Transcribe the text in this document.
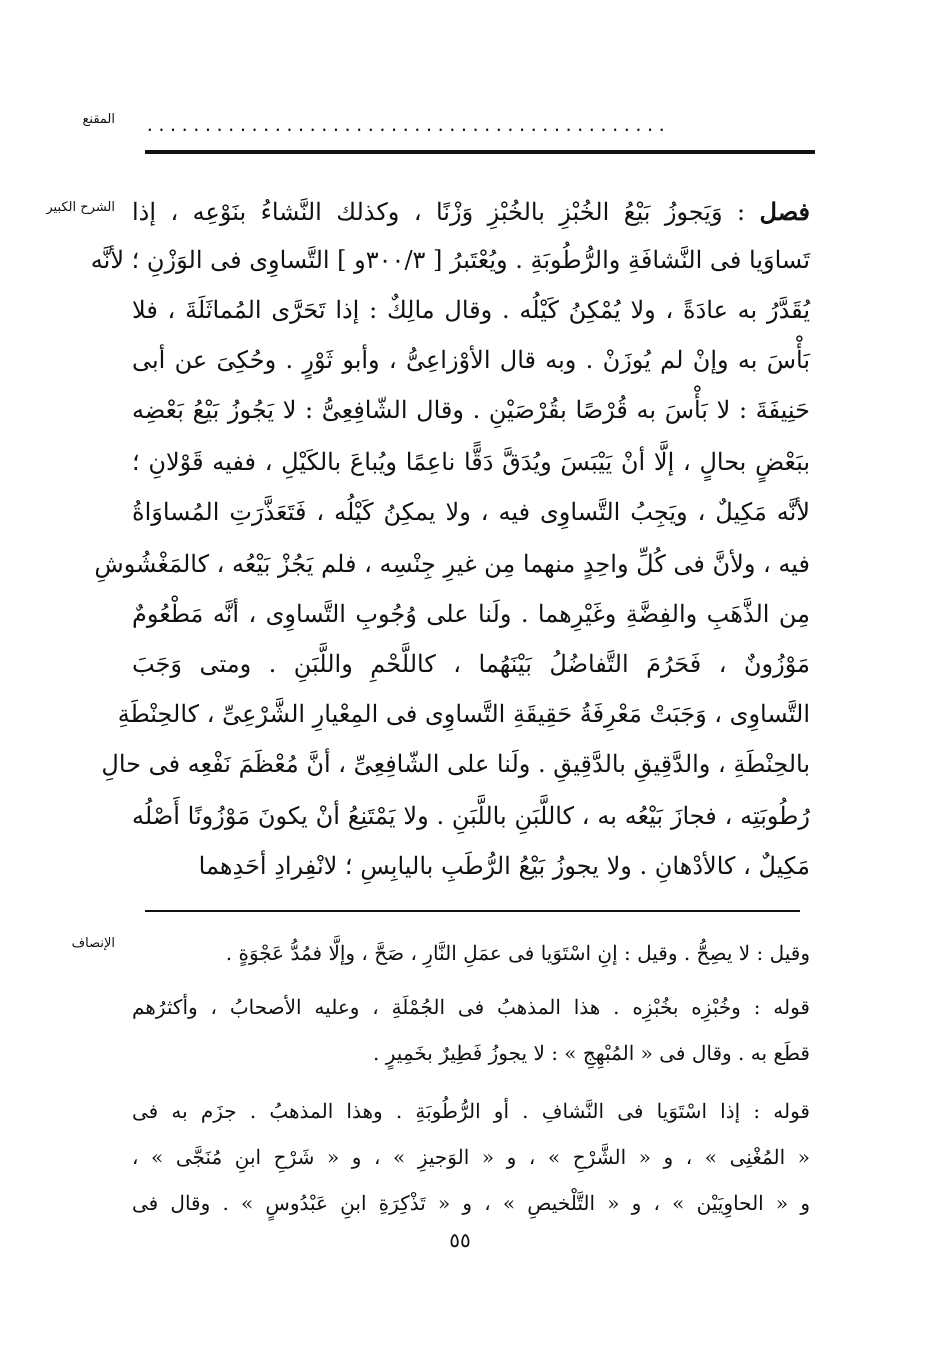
المقنع .............................................
الشرح الكبير
الإنصاف
فصل : وَيَجوزُ بَيْعُ الخُبْزِ بالخُبْزِ وَزْنًا ، وكذلك النَّشاءُ بنَوْعِه ، إذا
تَساوَيا فى النَّشافَةِ والرُّطُوبَةِ . ويُعْتَبرُ [ ٣٠٠/٣و ] التَّساوِى فى الوَزْنِ ؛ لأنَّه
يُقَدَّرُ به عادَةً ، ولا يُمْكِنُ كَيْلُه . وقال مالِكٌ : إذا تَحَرَّى المُماثَلَةَ ، فلا
بَأْسَ به وإنْ لم يُوزَنْ . وبه قال الأوْزاعِىُّ ، وأبو ثَوْرٍ . وحُكِىَ عن أبى
حَنِيفَةَ : لا بَأْسَ به قُرْصًا بقُرْصَيْنِ . وقال الشّافِعِىُّ : لا يَجُوزُ بَيْعُ بَعْضِه
ببَعْضٍ بحالٍ ، إلَّا أنْ يَيْبَسَ ويُدَقَّ دَقًّا ناعِمًا ويُباعَ بالكَيْلِ ، ففيه قَوْلانِ ؛
لأنَّه مَكِيلٌ ، ويَجِبُ التَّساوِى فيه ، ولا يمكِنُ كَيْلُه ، فَتَعَذَّرَتِ المُساوَاةُ
فيه ، ولأنَّ فى كُلِّ واحِدٍ منهما مِن غيرِ جِنْسِه ، فلم يَجُزْ بَيْعُه ، كالمَغْشُوشِ
مِن الذَّهَبِ والفِضَّةِ وغَيْرِهما . ولَنا على وُجُوبِ التَّساوِى ، أنَّه مَطْعُومٌ
مَوْزُونٌ ، فَحَرُمَ التَّفاضُلُ بَيْنَهُما ، كاللَّحْمِ واللَّبَنِ . ومتى وَجَبَ
التَّساوِى ، وَجَبَتْ مَعْرِفَةُ حَقِيقَةِ التَّساوِى فى المِعْيارِ الشَّرْعِىِّ ، كالحِنْطَةِ
بالحِنْطَةِ ، والدَّقِيقِ بالدَّقِيقِ . ولَنا على الشّافِعِىِّ ، أنَّ مُعْظَمَ نَفْعِه فى حالِ
رُطُوبَتِه ، فجازَ بَيْعُه به ، كاللَّبَنِ باللَّبَنِ . ولا يَمْتَنِعُ أنْ يكونَ مَوْزُونًا أَصْلُه
مَكِيلٌ ، كالأدْهانِ . ولا يجوزُ بَيْعُ الرُّطَبِ باليابِسِ ؛ لانْفِرادِ أحَدِهما
وقيل : لا يصِحُّ . وقيل : إنِ اسْتَوَيا فى عمَلِ النَّارِ ، صَحَّ ، وإلَّا فمُدُّ عَجْوَةٍ .
قوله : وخُبْزِه بخُبْزِه . هذا المذهبُ فى الجُمْلَةِ ، وعليه الأصحابُ ، وأكثرُهم
قطَع به . وقال فى « المُبْهِجِ » : لا يجوزُ فَطِيرٌ بخَمِيرٍ .
قوله : إذا اسْتَوَيا فى النَّشافِ . أو الرُّطُوبَةِ . وهذا المذهبُ . جزَم به فى
« المُغْنِى » ، و « الشَّرْحِ » ، و « الوَجيزِ » ، و « شَرْحِ ابنِ مُنَجَّى » ،
و « الحاوِيَيْن » ، و « التَّلْخيصِ » ، و « تَذْكِرَةِ ابنِ عَبْدُوسٍ » . وقال فى
٥٥
